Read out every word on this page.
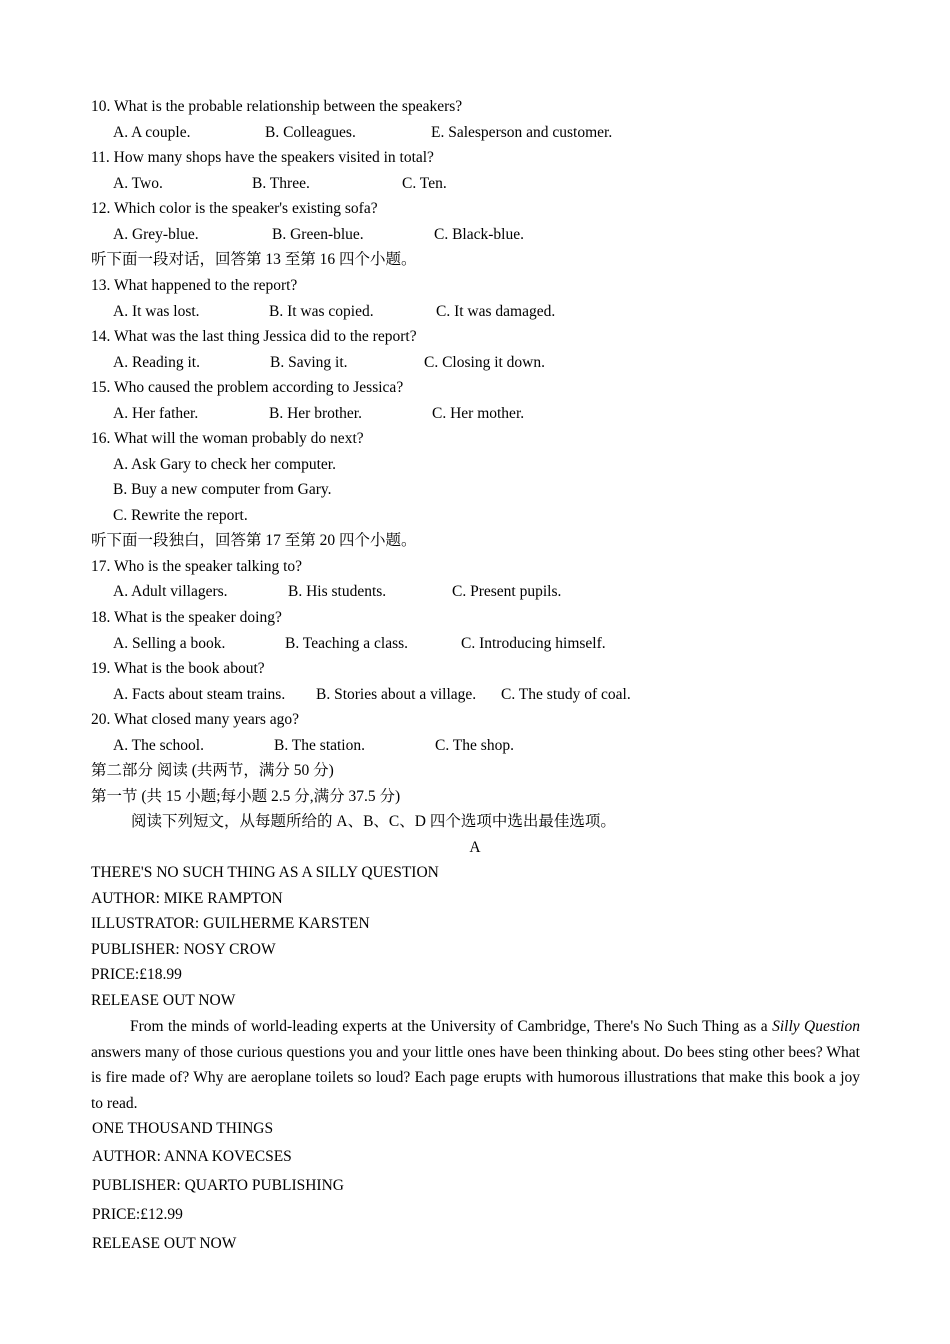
10. What is the probable relationship between the speakers?
A. A couple.	B. Colleagues.	E. Salesperson and customer.
11. How many shops have the speakers visited in total?
A. Two.	B. Three.	C. Ten.
12. Which color is the speaker's existing sofa?
A. Grey-blue.	B. Green-blue.	C. Black-blue.
听下面一段对话，回答第 13 至第 16 四个小题。
13. What happened to the report?
A. It was lost.	B. It was copied.	C. It was damaged.
14. What was the last thing Jessica did to the report?
A. Reading it.	B. Saving it.	C. Closing it down.
15. Who caused the problem according to Jessica?
A. Her father.	B. Her brother.	C. Her mother.
16. What will the woman probably do next?
A. Ask Gary to check her computer.
B. Buy a new computer from Gary.
C. Rewrite the report.
听下面一段独白，回答第 17 至第 20 四个小题。
17. Who is the speaker talking to?
A. Adult villagers.	B. His students.	C. Present pupils.
18. What is the speaker doing?
A. Selling a book.	B. Teaching a class.	C. Introducing himself.
19. What is the book about?
A. Facts about steam trains. B. Stories about a village. C. The study of coal.
20. What closed many years ago?
A. The school.	B. The station.	C. The shop.
第二部分 阅读 (共两节，满分 50 分)
第一节 (共 15 小题;每小题 2.5 分,满分 37.5 分)
阅读下列短文，从每题所给的 A、B、C、D 四个选项中选出最佳选项。
A
THERE'S NO SUCH THING AS A SILLY QUESTION
AUTHOR: MIKE RAMPTON
ILLUSTRATOR: GUILHERME KARSTEN
PUBLISHER: NOSY CROW
PRICE:£18.99
RELEASE OUT NOW
From the minds of world-leading experts at the University of Cambridge, There's No Such Thing as a Silly Question answers many of those curious questions you and your little ones have been thinking about. Do bees sting other bees? What is fire made of? Why are aeroplane toilets so loud? Each page erupts with humorous illustrations that make this book a joy to read.
ONE THOUSAND THINGS
AUTHOR: ANNA KOVECSES
PUBLISHER: QUARTO PUBLISHING
PRICE:£12.99
RELEASE OUT NOW
